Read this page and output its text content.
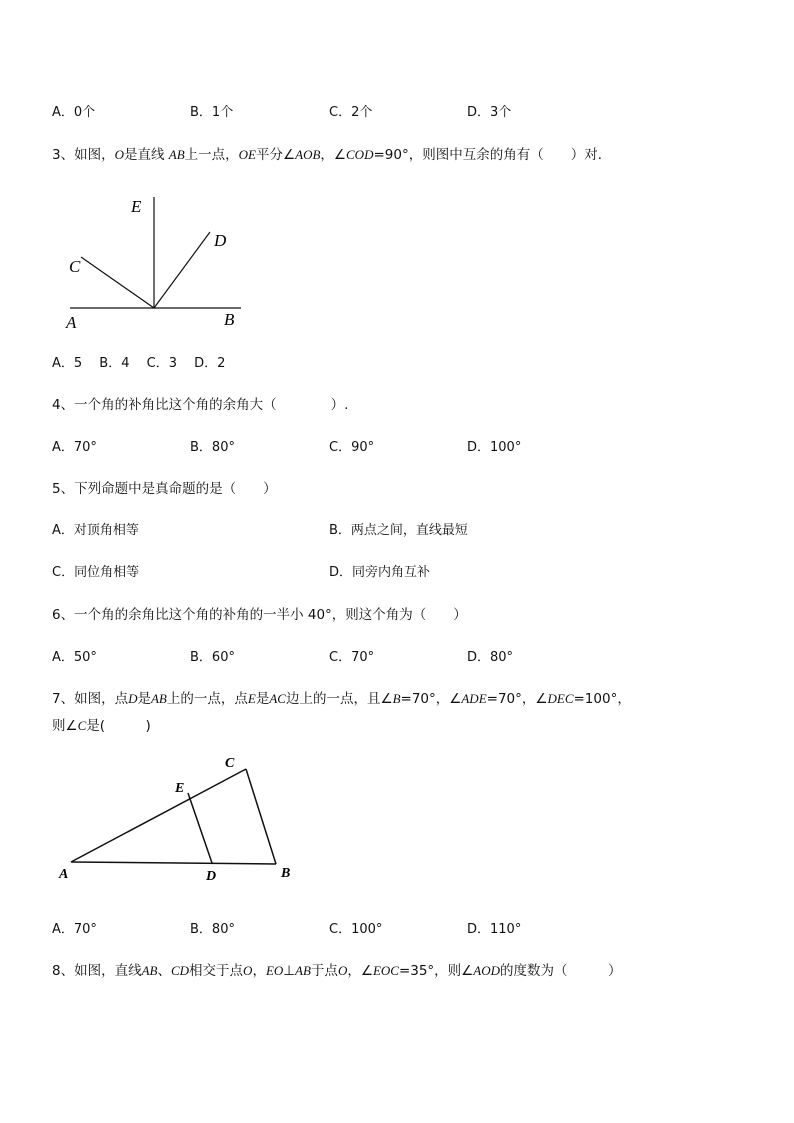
A．0个	B．1个	C．2个	D．3个
3、如图，O是直线 AB上一点，OE平分∠AOB，∠COD=90°，则图中互余的角有（　　）对．
E
D
C
A	B
C
E
A	D	B
A．5　 B．4　 C．3　 D．2
4、一个角的补角比这个角的余角大（　　　　）.
A．70°	B．80°	C．90°	D．100°
5、下列命题中是真命题的是（　　）
A．对顶角相等	B．两点之间，直线最短
C．同位角相等	D．同旁内角互补
6、一个角的余角比这个角的补角的一半小 40°，则这个角为（　　）
A．50°	B．60°	C．70°	D．80°
7、如图，点D是AB上的一点，点E是AC边上的一点，且∠B=70°，∠ADE=70°，∠DEC=100°，
则∠C是(　　　)
A．70°	B．80°	C．100°	D．110°
8、如图，直线AB、CD相交于点O，EO⊥AB于点O，∠EOC=35°，则∠AOD的度数为（　　　）
